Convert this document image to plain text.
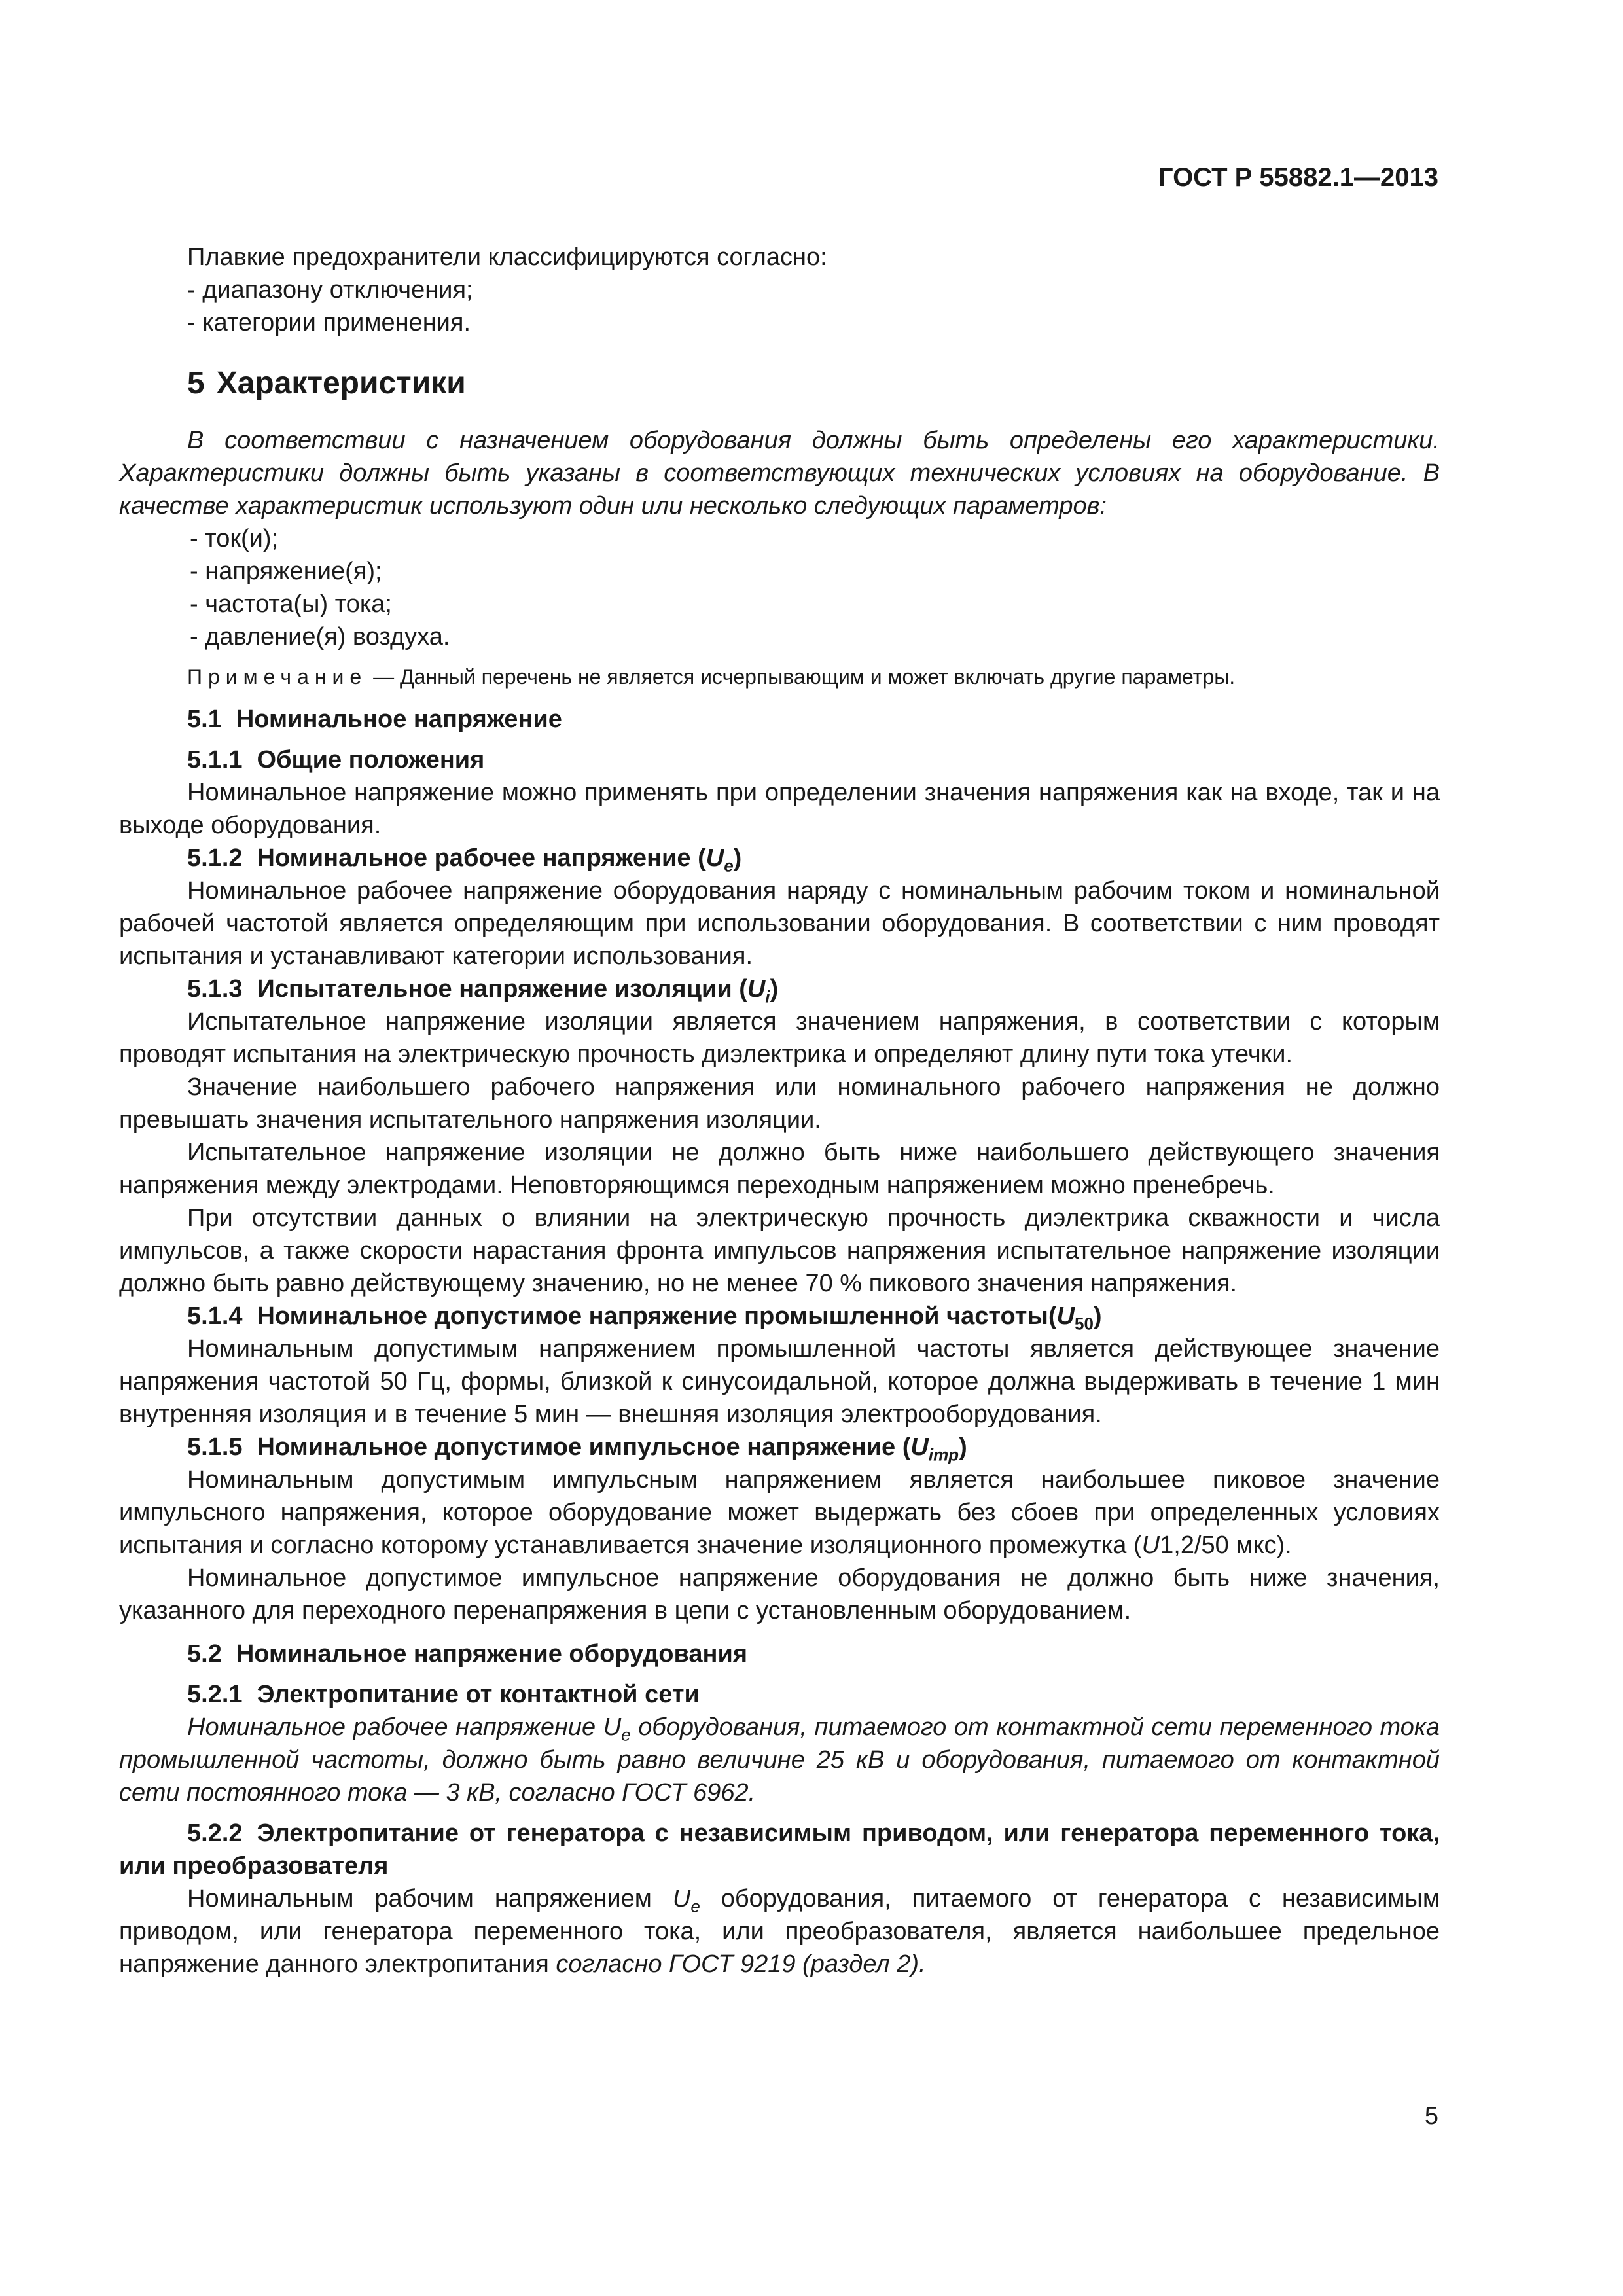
ГОСТ Р 55882.1—2013

Плавкие предохранители классифицируются согласно:

- диапазону отключения;

- категории применения.

5 Характеристики

В соответствии с назначением оборудования должны быть определены его характеристики. Характеристики должны быть указаны в соответствующих технических условиях на оборудование. В качестве характеристик используют один или несколько следующих параметров:

- ток(и);

- напряжение(я);

- частота(ы) тока;

- давление(я) воздуха.

Примечание — Данный перечень не является исчерпывающим и может включать другие параметры.

5.1 Номинальное напряжение

5.1.1 Общие положения

Номинальное напряжение можно применять при определении значения напряжения как на входе, так и на выходе оборудования.

5.1.2 Номинальное рабочее напряжение $(U_e)$

Номинальное рабочее напряжение оборудования наряду с номинальным рабочим током и номинальной рабочей частотой является определяющим при использовании оборудования. В соответствии с ним проводят испытания и устанавливают категории использования.

5.1.3 Испытательное напряжение изоляции $(U_i)$

Испытательное напряжение изоляции является значением напряжения, в соответствии с которым проводят испытания на электрическую прочность диэлектрика и определяют длину пути тока утечки.

Значение наибольшего рабочего напряжения или номинального рабочего напряжения не должно превышать значения испытательного напряжения изоляции.

Испытательное напряжение изоляции не должно быть ниже наибольшего действующего значения напряжения между электродами. Неповторяющимся переходным напряжением можно пренебречь.

При отсутствии данных о влиянии на электрическую прочность диэлектрика скважности и числа импульсов, а также скорости нарастания фронта импульсов напряжения испытательное напряжение изоляции должно быть равно действующему значению, но не менее 70 % пикового значения напряжения.

5.1.4 Номинальное допустимое напряжение промышленной $частоты(U_{50})$

Номинальным допустимым напряжением промышленной частоты является действующее значение напряжения частотой 50 Гц, формы, близкой к синусоидальной, которое должна выдерживать в течение 1 мин внутренняя изоляция и в течение 5 мин — внешняя изоляция электрооборудования.

5.1.5 Номинальное допустимое импульсное напряжение $(U_{imp})$

Номинальным допустимым импульсным напряжением является наибольшее пиковое значение импульсного напряжения, которое оборудование может выдержать без сбоев при определенных условиях испытания и согласно которому устанавливается значение изоляционного промежутка (U1,2/50 мкс).

Номинальное допустимое импульсное напряжение оборудования не должно быть ниже значения, указанного для переходного перенапряжения в цепи с установленным оборудованием.

5.2 Номинальное напряжение оборудования

5.2.1 Электропитание от контактной сети

Номинальное рабочее напряжение $U_e$ оборудования, питаемого от контактной сети переменного тока промышленной частоты, должно быть равно величине 25 кВ и оборудования, питаемого от контактной сети постоянного тока — 3 кВ, согласно ГОСТ 6962.

5.2.2 Электропитание от генератора с независимым приводом, или генератора переменного тока, или преобразователя

Номинальным рабочим напряжением $U_e$ оборудования, питаемого от генератора с независимым приводом, или генератора переменного тока, или преобразователя, является наибольшее предельное напряжение данного электропитания согласно ГОСТ 9219 (раздел 2).

5
